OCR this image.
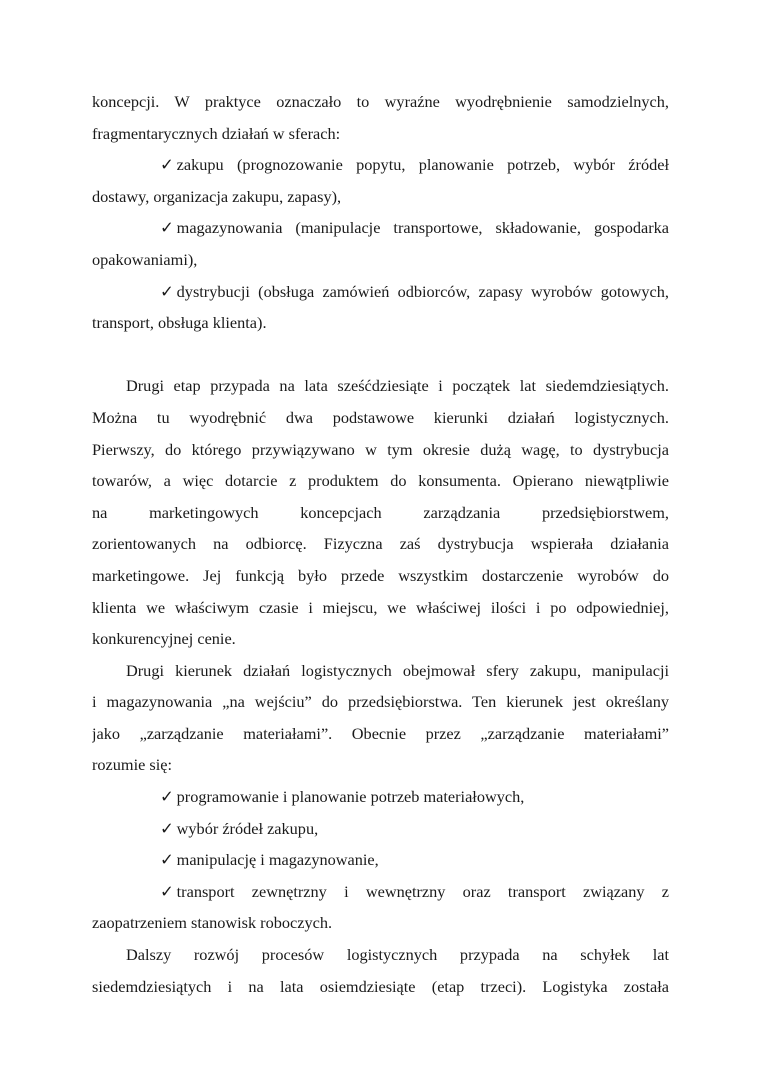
koncepcji. W praktyce oznaczało to wyraźne wyodrębnienie samodzielnych,
fragmentarycznych działań w sferach:
✓ zakupu (prognozowanie popytu, planowanie potrzeb, wybór źródeł
dostawy, organizacja zakupu, zapasy),
✓ magazynowania (manipulacje transportowe, składowanie, gospodarka
opakowaniami),
✓ dystrybucji (obsługa zamówień odbiorców, zapasy wyrobów gotowych,
transport, obsługa klienta).
Drugi etap przypada na lata sześćdziesiąte i początek lat siedemdziesiątych.
Można tu wyodrębnić dwa podstawowe kierunki działań logistycznych.
Pierwszy, do którego przywiązywano w tym okresie dużą wagę, to dystrybucja
towarów, a więc dotarcie z produktem do konsumenta. Opierano niewątpliwie
na marketingowych koncepcjach zarządzania przedsiębiorstwem,
zorientowanych na odbiorcę. Fizyczna zaś dystrybucja wspierała działania
marketingowe. Jej funkcją było przede wszystkim dostarczenie wyrobów do
klienta we właściwym czasie i miejscu, we właściwej ilości i po odpowiedniej,
konkurencyjnej cenie.
Drugi kierunek działań logistycznych obejmował sfery zakupu, manipulacji
i magazynowania „na wejściu” do przedsiębiorstwa. Ten kierunek jest określany
jako „zarządzanie materiałami”. Obecnie przez „zarządzanie materiałami”
rozumie się:
✓ programowanie i planowanie potrzeb materiałowych,
✓ wybór źródeł zakupu,
✓ manipulację i magazynowanie,
✓ transport zewnętrzny i wewnętrzny oraz transport związany z
zaopatrzeniem stanowisk roboczych.
Dalszy rozwój procesów logistycznych przypada na schyłek lat
siedemdziesiątych i na lata osiemdziesiąte (etap trzeci). Logistyka została
